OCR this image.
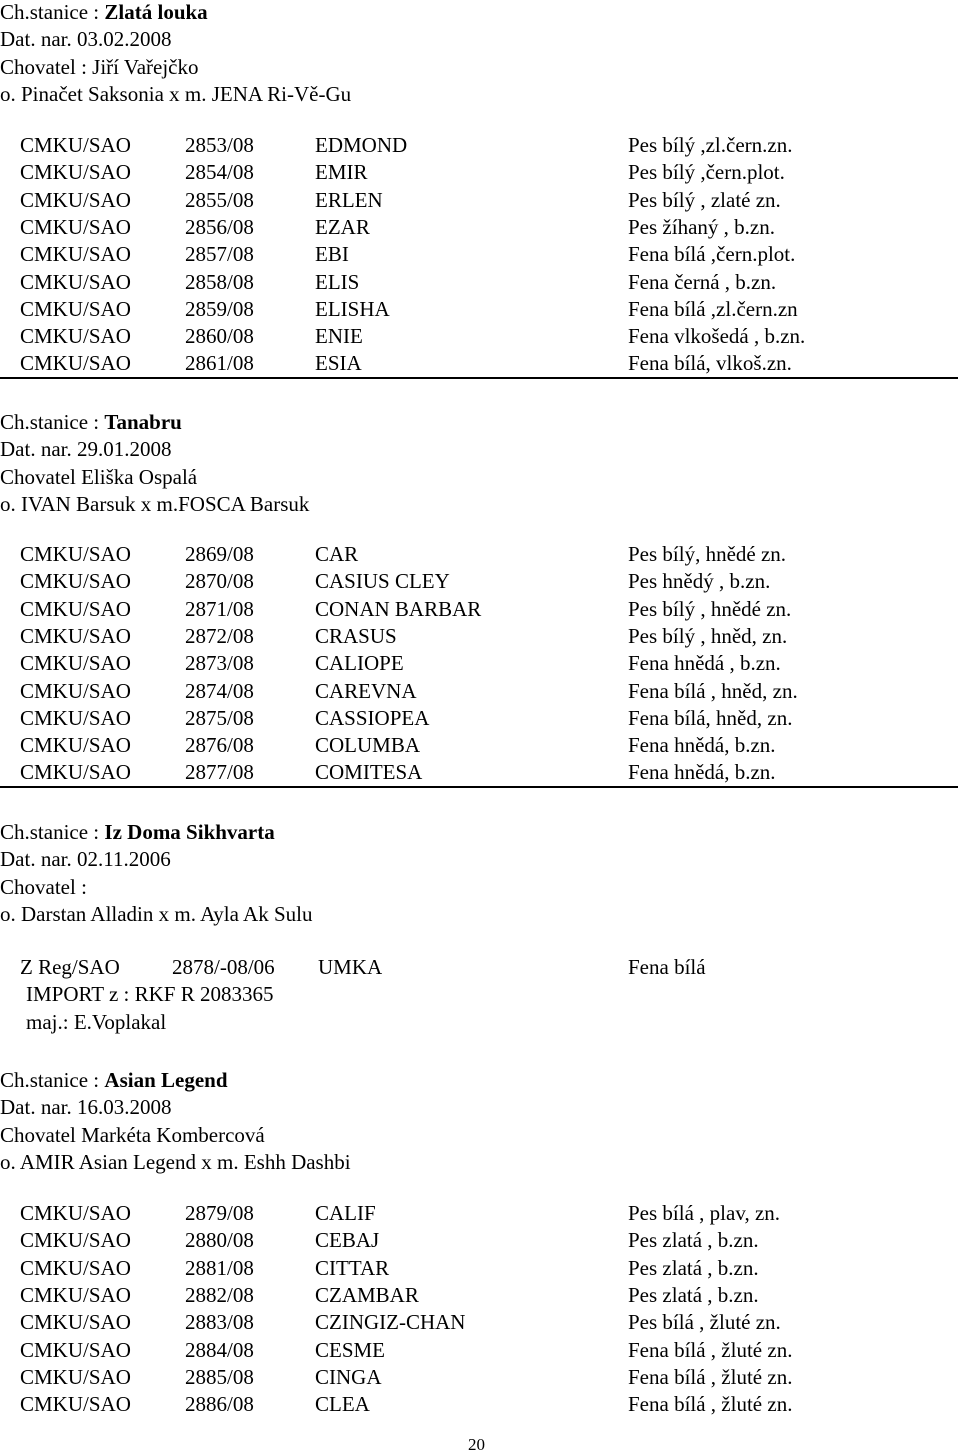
Ch.stanice : Zlatá louka
Dat. nar. 03.02.2008
Chovatel : Jiří Vařejčko
o. Pinačet Saksonia x m. JENA Ri-Vě-Gu
CMKU/SAO	2853/08	EDMOND	Pes bílý ,zl.čern.zn.
CMKU/SAO	2854/08	EMIR	Pes bílý ,čern.plot.
CMKU/SAO	2855/08	ERLEN	Pes bílý , zlaté zn.
CMKU/SAO	2856/08	EZAR	Pes žíhaný , b.zn.
CMKU/SAO	2857/08	EBI	Fena bílá ,čern.plot.
CMKU/SAO	2858/08	ELIS	Fena černá , b.zn.
CMKU/SAO	2859/08	ELISHA	Fena bílá ,zl.čern.zn
CMKU/SAO	2860/08	ENIE	Fena vlkošedá , b.zn.
CMKU/SAO	2861/08	ESIA	Fena bílá, vlkoš.zn.
Ch.stanice : Tanabru
Dat. nar. 29.01.2008
Chovatel Eliška Ospalá
o. IVAN Barsuk x m.FOSCA Barsuk
CMKU/SAO	2869/08	CAR	Pes bílý, hnědé zn.
CMKU/SAO	2870/08	CASIUS CLEY	Pes hnědý , b.zn.
CMKU/SAO	2871/08	CONAN BARBAR	Pes bílý , hnědé zn.
CMKU/SAO	2872/08	CRASUS	Pes bílý , hněd, zn.
CMKU/SAO	2873/08	CALIOPE	Fena hnědá , b.zn.
CMKU/SAO	2874/08	CAREVNA	Fena bílá , hněd, zn.
CMKU/SAO	2875/08	CASSIOPEA	Fena bílá, hněd, zn.
CMKU/SAO	2876/08	COLUMBA	Fena hnědá, b.zn.
CMKU/SAO	2877/08	COMITESA	Fena hnědá, b.zn.
Ch.stanice : Iz Doma Sikhvarta
Dat. nar. 02.11.2006
Chovatel :
o. Darstan Alladin x m. Ayla Ak Sulu
Z Reg/SAO 2878/-08/06 UMKA	Fena bílá
IMPORT z : RKF R 2083365
maj.: E.Voplakal
Ch.stanice : Asian Legend
Dat. nar. 16.03.2008
Chovatel Markéta Kombercová
o. AMIR Asian Legend x m. Eshh Dashbi
CMKU/SAO	2879/08	CALIF	Pes bílá , plav, zn.
CMKU/SAO	2880/08	CEBAJ	Pes zlatá , b.zn.
CMKU/SAO	2881/08	CITTAR	Pes zlatá , b.zn.
CMKU/SAO	2882/08	CZAMBAR	Pes zlatá , b.zn.
CMKU/SAO	2883/08	CZINGIZ-CHAN	Pes bílá , žluté zn.
CMKU/SAO	2884/08	CESME	Fena bílá , žluté zn.
CMKU/SAO	2885/08	CINGA	Fena bílá , žluté zn.
CMKU/SAO	2886/08	CLEA	Fena bílá , žluté zn.
20
